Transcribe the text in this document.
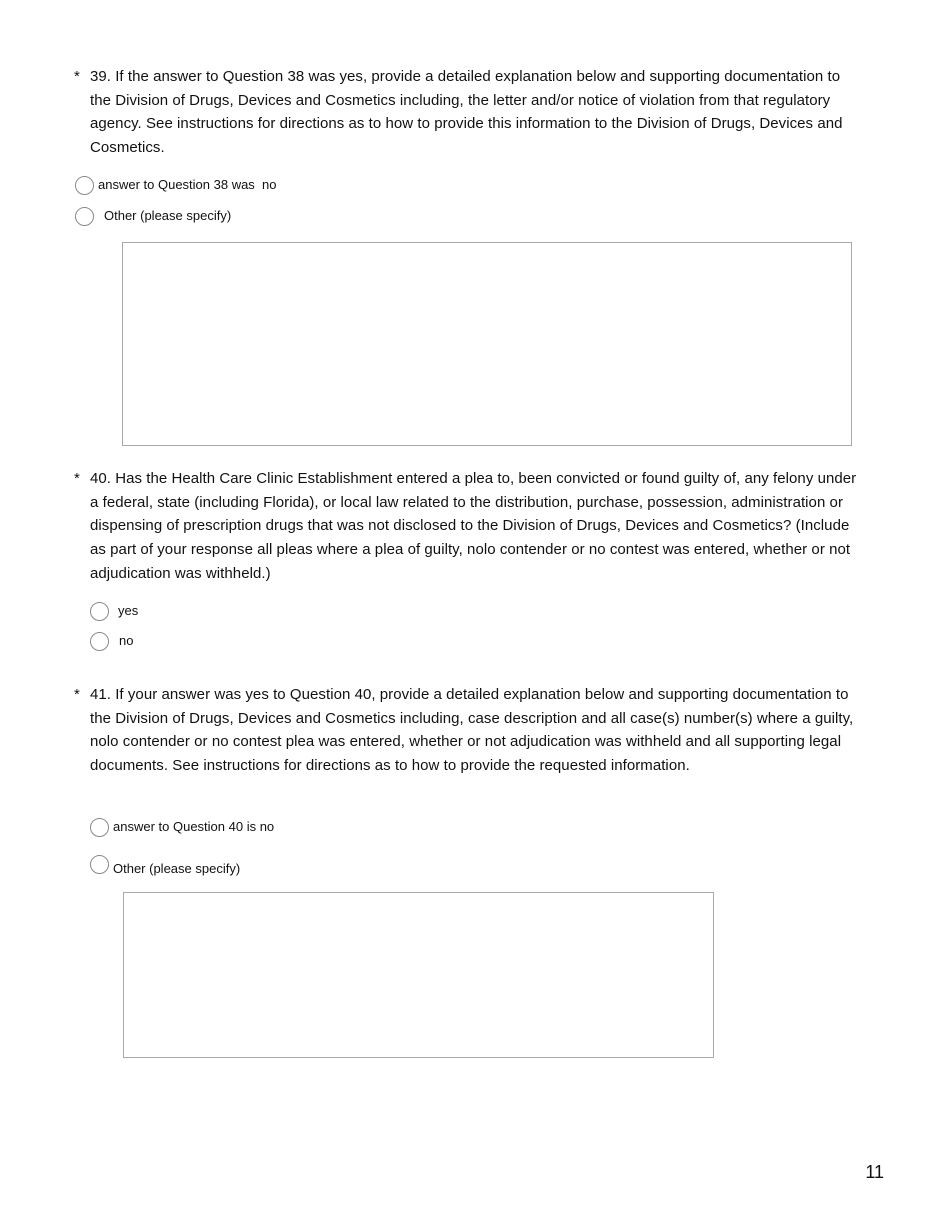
* 39. If the answer to Question 38 was yes, provide a detailed explanation below and supporting documentation to the Division of Drugs, Devices and Cosmetics including, the letter and/or notice of violation from that regulatory agency. See instructions for directions as to how to provide this information to the Division of Drugs, Devices and Cosmetics.
answer to Question 38 was  no
Other (please specify)
* 40. Has the Health Care Clinic Establishment entered a plea to, been convicted or found guilty of, any felony under a federal, state (including Florida), or local law related to the distribution, purchase, possession, administration or dispensing of prescription drugs that was not disclosed to the Division of Drugs, Devices and Cosmetics? (Include as part of your response all pleas where a plea of guilty, nolo contender or no contest was entered, whether or not adjudication was withheld.)
yes
no
* 41. If your answer was yes to Question 40, provide a detailed explanation below and supporting documentation to the Division of Drugs, Devices and Cosmetics including, case description and all case(s) number(s) where a guilty, nolo contender or no contest plea was entered, whether or not adjudication was withheld and all supporting legal documents. See instructions for directions as to how to provide the requested information.
answer to Question 40 is no
Other (please specify)
11
